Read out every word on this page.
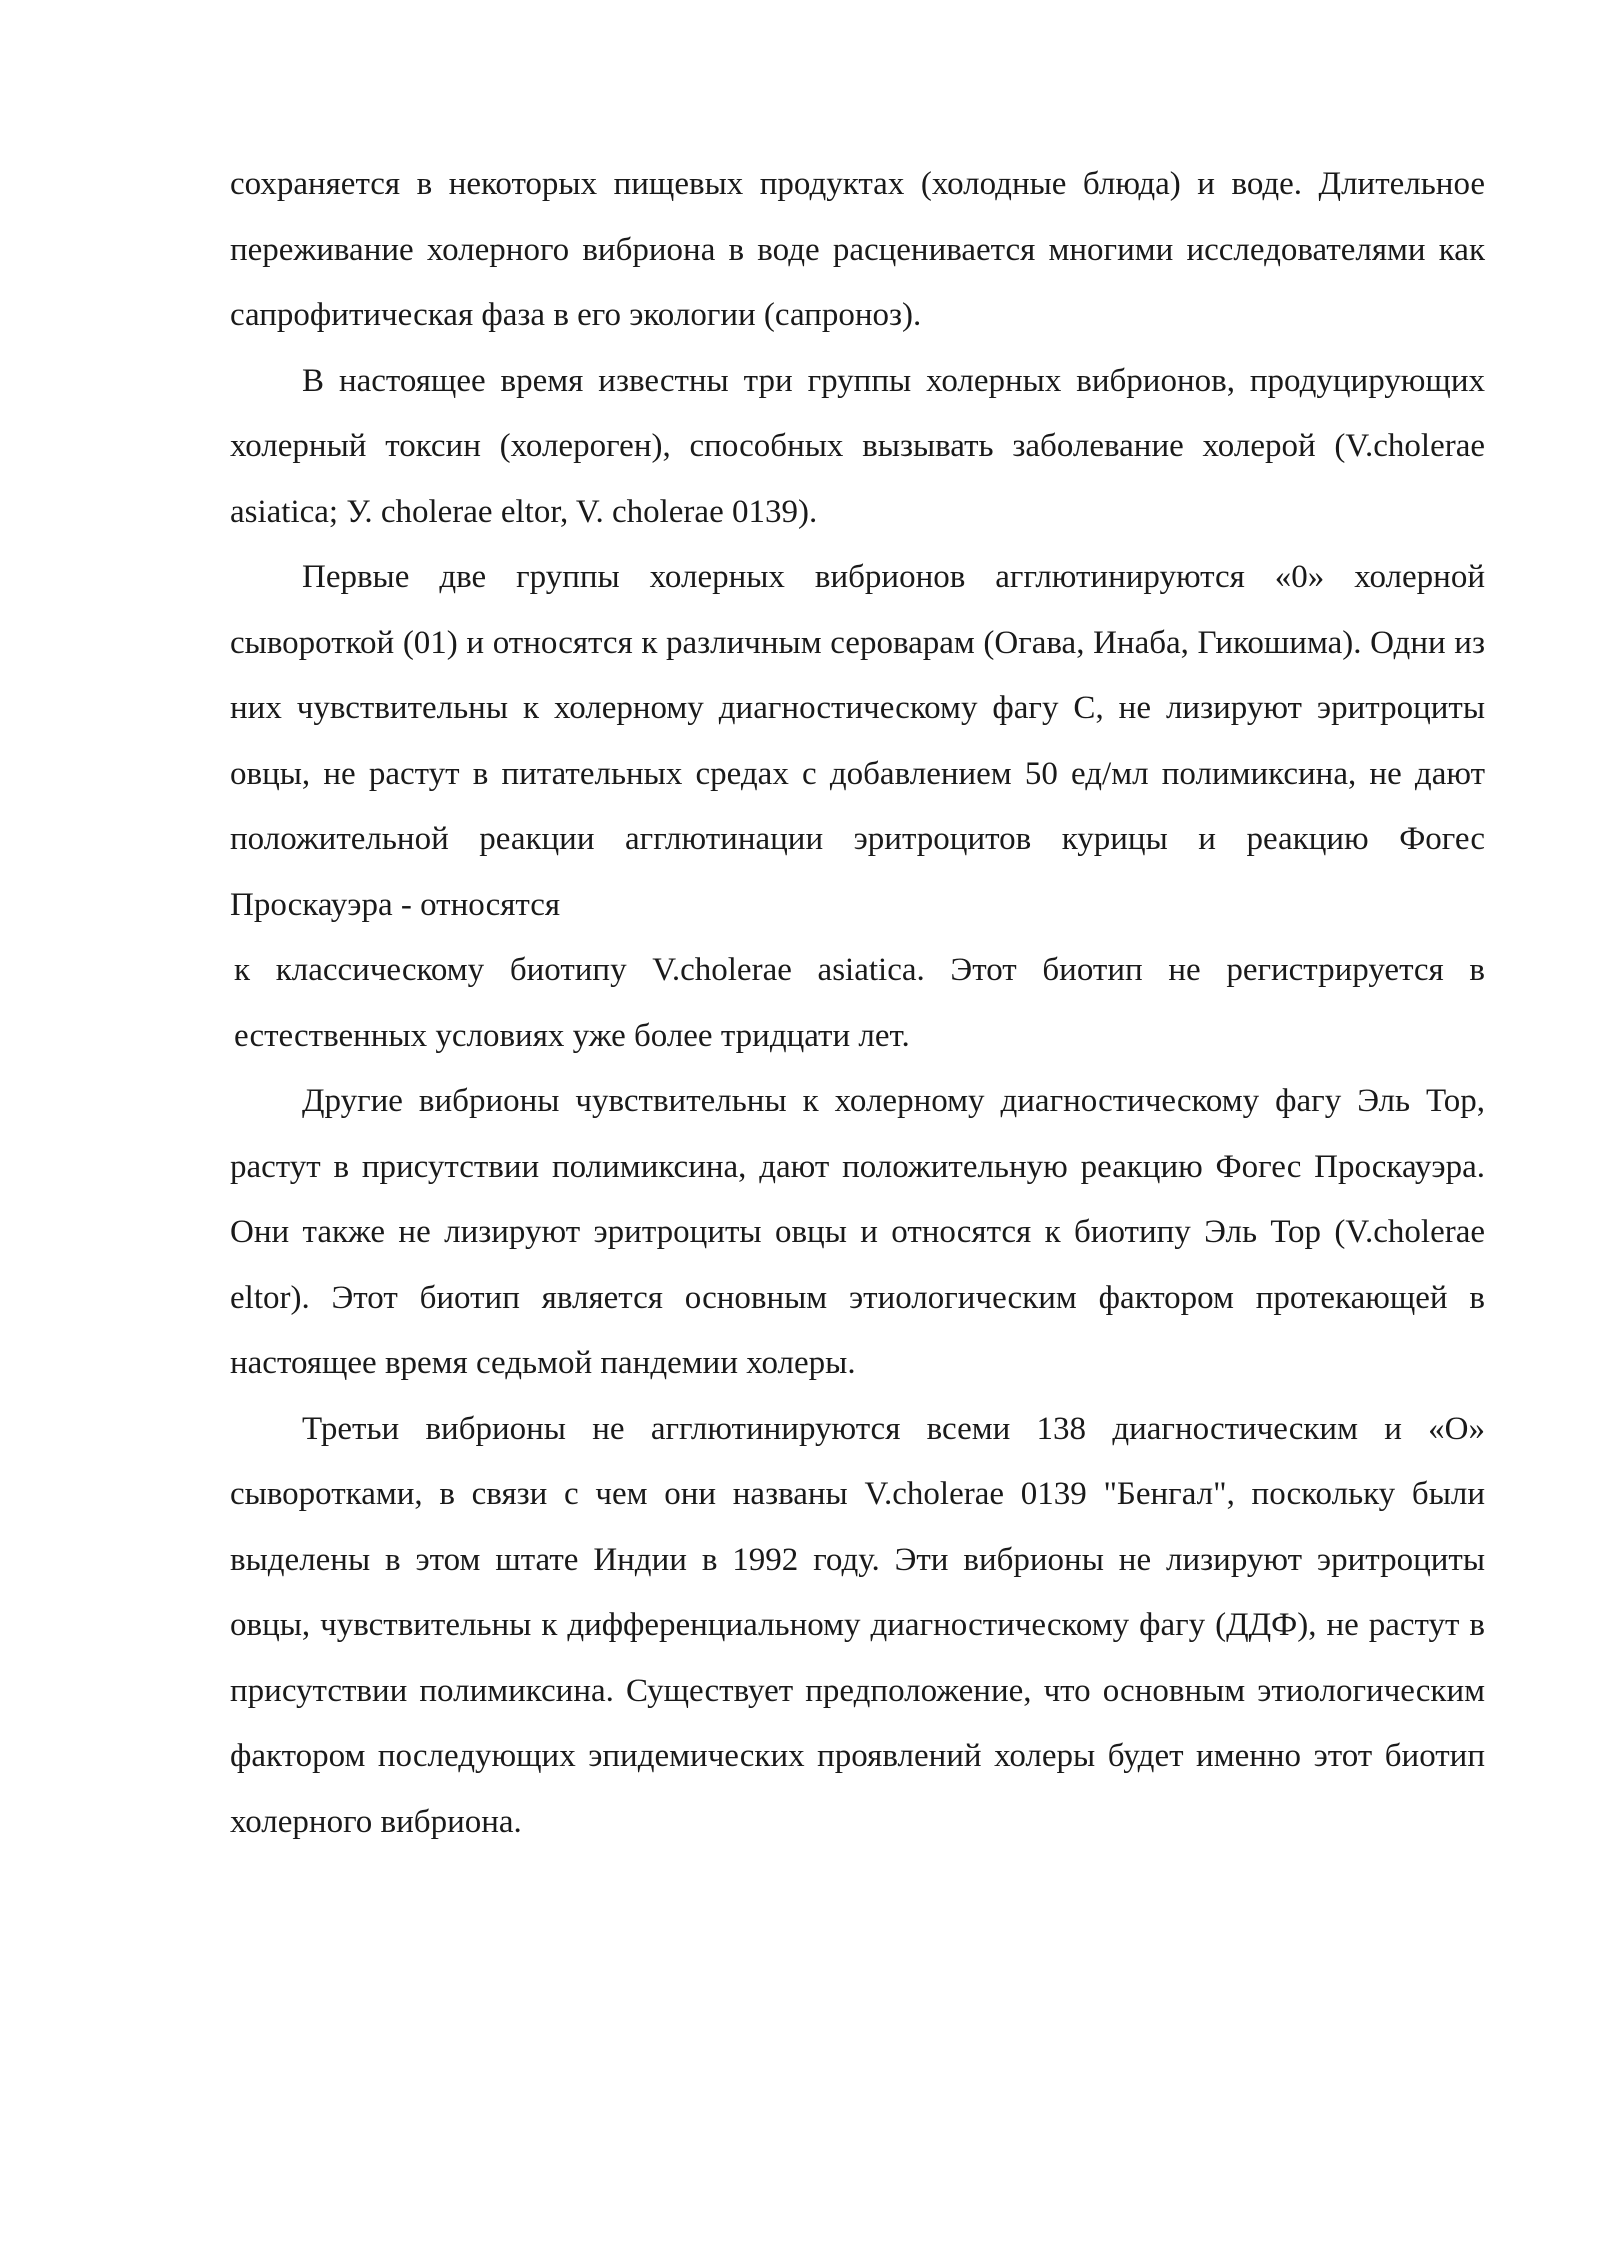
сохраняется в некоторых пищевых продуктах (холодные блюда) и воде. Длительное переживание холерного вибриона в воде расценивается многими исследователями как сапрофитическая фаза в его экологии (сапроноз).

В настоящее время известны три группы холерных вибрионов, продуцирующих холерный токсин (холероген), способных вызывать заболевание холерой (V.cholerae asiatica; У. cholerae eltor, V. cholerae 0139).

Первые две группы холерных вибрионов агглютинируются «0» холерной сывороткой (01) и относятся к различным сероварам (Огава, Инаба, Гикошима). Одни из них чувствительны к холерному диагностическому фагу С, не лизируют эритроциты овцы, не растут в питательных средах с добавлением 50 ед/мл полимиксина, не дают положительной реакции агглютинации эритроцитов курицы и реакцию Фогес Проскауэра - относятся

к классическому биотипу V.cholerae asiatica. Этот биотип не регистрируется в естественных условиях уже более тридцати лет.

Другие вибрионы чувствительны к холерному диагностическому фагу Эль Тор, растут в присутствии полимиксина, дают положительную реакцию Фогес Проскауэра. Они также не лизируют эритроциты овцы и относятся к биотипу Эль Тор (V.cholerae eltor). Этот биотип является основным этиологическим фактором протекающей в настоящее время седьмой пандемии холеры.

Третьи вибрионы не агглютинируются всеми 138 диагностическим и «О» сыворотками, в связи с чем они названы V.cholerae 0139 "Бенгал", поскольку были выделены в этом штате Индии в 1992 году. Эти вибрионы не лизируют эритроциты овцы, чувствительны к дифференциальному диагностическому фагу (ДДФ), не растут в присутствии полимиксина. Существует предположение, что основным этиологическим фактором последующих эпидемических проявлений холеры будет именно этот биотип холерного вибриона.
